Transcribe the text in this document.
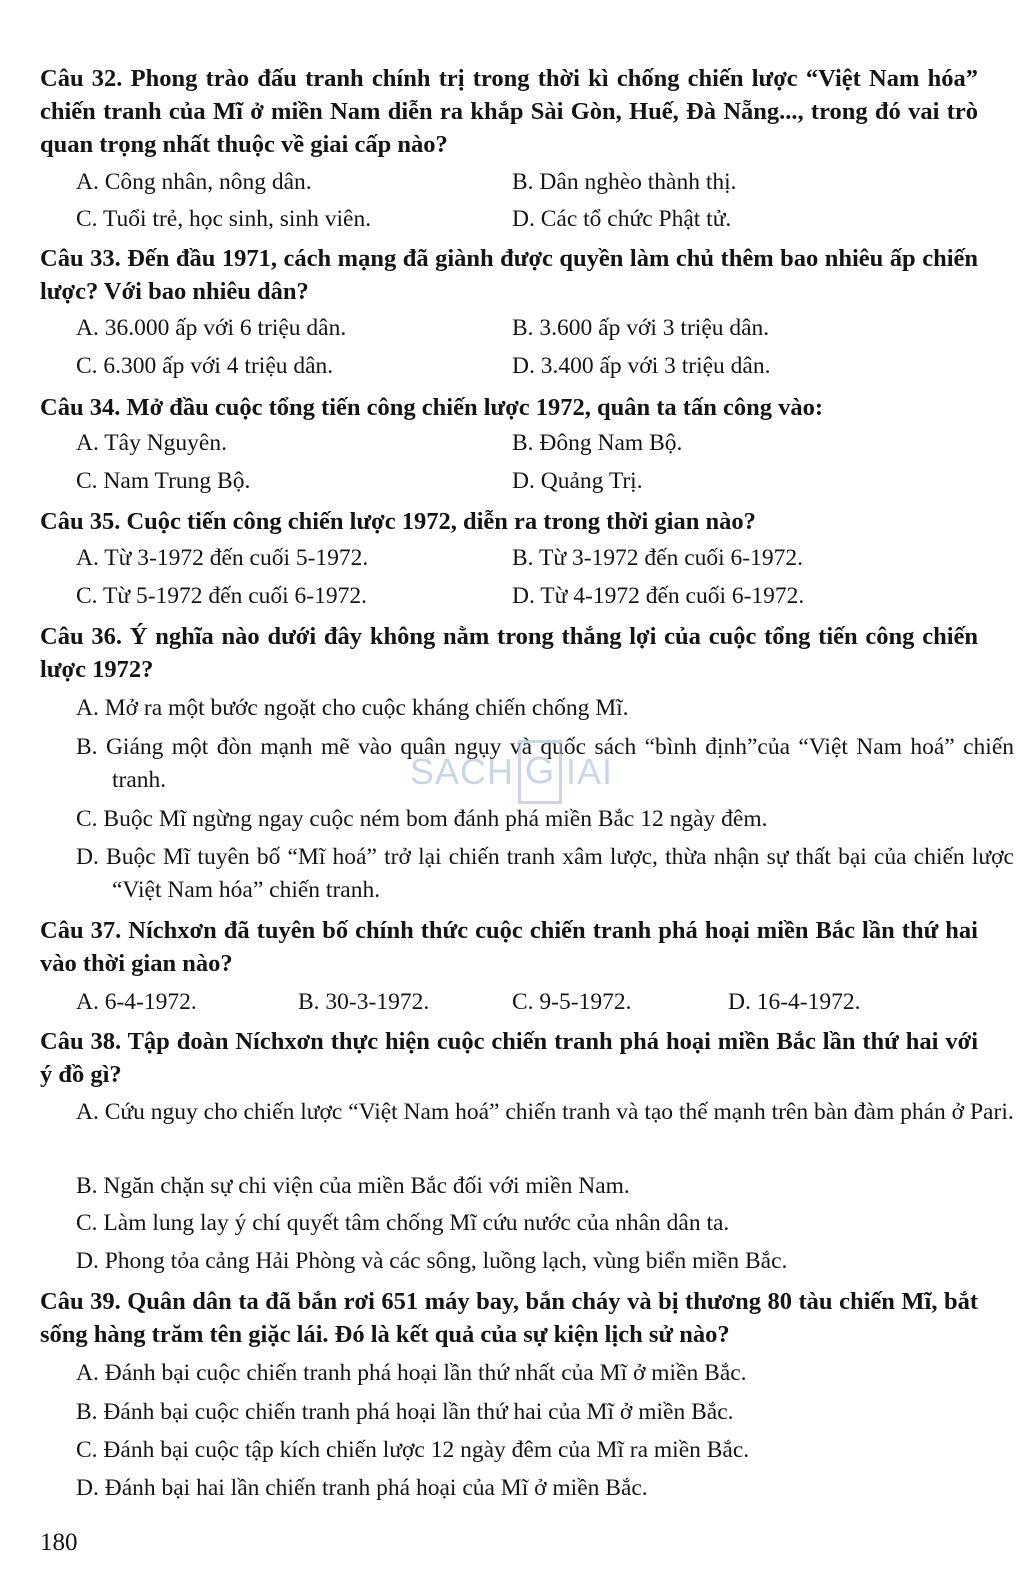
Câu 32. Phong trào đấu tranh chính trị trong thời kì chống chiến lược “Việt Nam hóa” chiến tranh của Mĩ ở miền Nam diễn ra khắp Sài Gòn, Huế, Đà Nẵng..., trong đó vai trò quan trọng nhất thuộc về giai cấp nào?
A. Công nhân, nông dân.	B. Dân nghèo thành thị.
C. Tuổi trẻ, học sinh, sinh viên.	D. Các tổ chức Phật tử.
Câu 33. Đến đầu 1971, cách mạng đã giành được quyền làm chủ thêm bao nhiêu ấp chiến lược? Với bao nhiêu dân?
A. 36.000 ấp với 6 triệu dân.	B. 3.600 ấp với 3 triệu dân.
C. 6.300 ấp với 4 triệu dân.	D. 3.400 ấp với 3 triệu dân.
Câu 34. Mở đầu cuộc tổng tiến công chiến lược 1972, quân ta tấn công vào:
A. Tây Nguyên.	B. Đông Nam Bộ.
C. Nam Trung Bộ.	D. Quảng Trị.
Câu 35. Cuộc tiến công chiến lược 1972, diễn ra trong thời gian nào?
A. Từ 3-1972 đến cuối 5-1972.	B. Từ 3-1972 đến cuối 6-1972.
C. Từ 5-1972 đến cuối 6-1972.	D. Từ 4-1972 đến cuối 6-1972.
Câu 36. Ý nghĩa nào dưới đây không nằm trong thắng lợi của cuộc tổng tiến công chiến lược 1972?
A. Mở ra một bước ngoặt cho cuộc kháng chiến chống Mĩ.
B. Giáng một đòn mạnh mẽ vào quân ngụy và quốc sách “bình định”của “Việt Nam hoá” chiến tranh.
C. Buộc Mĩ ngừng ngay cuộc ném bom đánh phá miền Bắc 12 ngày đêm.
D. Buộc Mĩ tuyên bố “Mĩ hoá” trở lại chiến tranh xâm lược, thừa nhận sự thất bại của chiến lược “Việt Nam hóa” chiến tranh.
Câu 37. Níchxơn đã tuyên bố chính thức cuộc chiến tranh phá hoại miền Bắc lần thứ hai vào thời gian nào?
A. 6-4-1972.	B. 30-3-1972.	C. 9-5-1972.	D. 16-4-1972.
Câu 38. Tập đoàn Níchxơn thực hiện cuộc chiến tranh phá hoại miền Bắc lần thứ hai với ý đồ gì?
A. Cứu nguy cho chiến lược “Việt Nam hoá” chiến tranh và tạo thế mạnh trên bàn đàm phán ở Pari.
B. Ngăn chặn sự chi viện của miền Bắc đối với miền Nam.
C. Làm lung lay ý chí quyết tâm chống Mĩ cứu nước của nhân dân ta.
D. Phong tỏa cảng Hải Phòng và các sông, luồng lạch, vùng biển miền Bắc.
Câu 39. Quân dân ta đã bắn rơi 651 máy bay, bắn cháy và bị thương 80 tàu chiến Mĩ, bắt sống hàng trăm tên giặc lái. Đó là kết quả của sự kiện lịch sử nào?
A. Đánh bại cuộc chiến tranh phá hoại lần thứ nhất của Mĩ ở miền Bắc.
B. Đánh bại cuộc chiến tranh phá hoại lần thứ hai của Mĩ ở miền Bắc.
C. Đánh bại cuộc tập kích chiến lược 12 ngày đêm của Mĩ ra miền Bắc.
D. Đánh bại hai lần chiến tranh phá hoại của Mĩ ở miền Bắc.
SACH G IAI
180
